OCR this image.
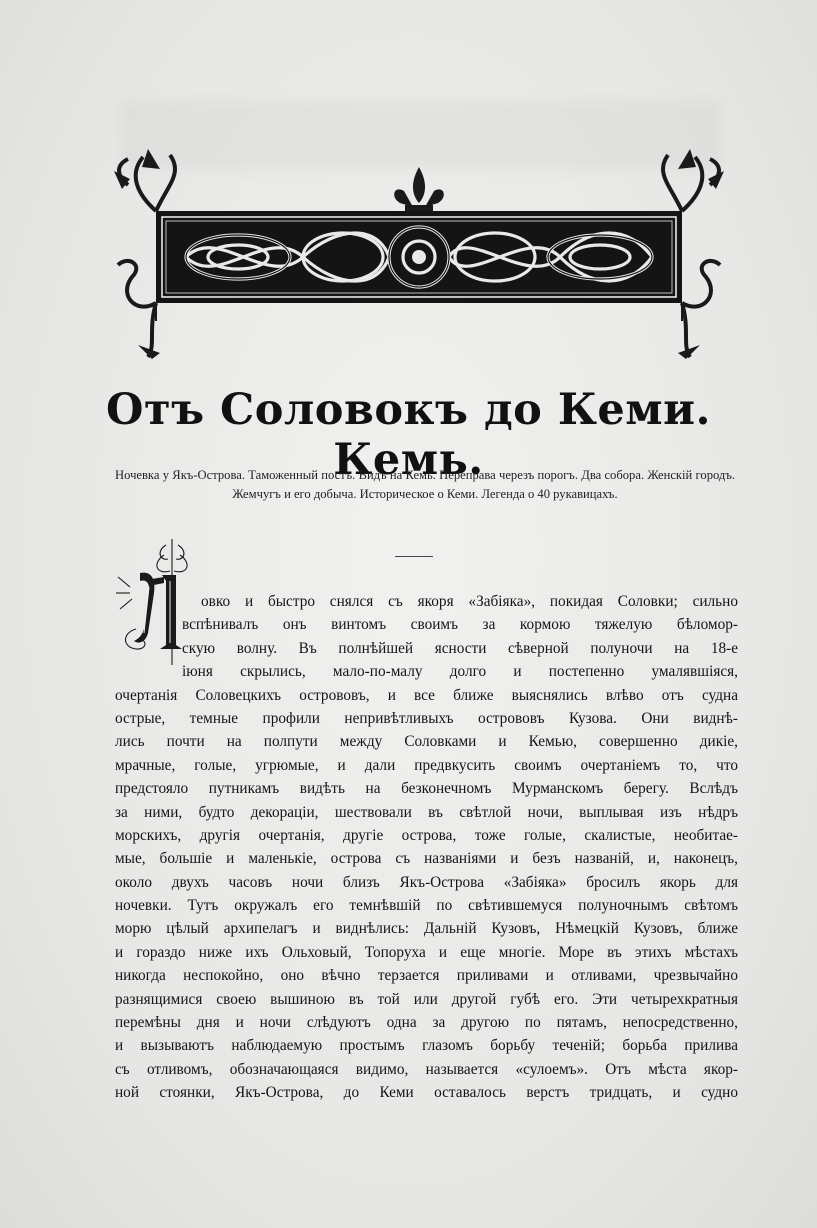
Отъ Соловокъ до Кеми. Кемь.
Ночевка у Якъ-Острова. Таможенный постъ. Видъ на Кемь. Переправа черезъ порогъ. Два собора. Женскій городъ. Жемчугъ и его добыча. Историческое о Кеми. Легенда о 40 рукавицахъ.
овко и быстро снялся съ якоря «Забіяка», покидая Соловки; сильно
вспѣнивалъ онъ винтомъ своимъ за кормою тяжелую бѣломор-
скую волну. Въ полнѣйшей ясности сѣверной полуночи на 18-е
іюня скрылись, мало-по-малу долго и постепенно умалявшіяся,
очертанія Соловецкихъ острововъ, и все ближе выяснялись влѣво отъ судна
острые, темные профили непривѣтливыхъ острововъ Кузова. Они виднѣ-
лись почти на полпути между Соловками и Кемью, совершенно дикіе,
мрачные, голые, угрюмые, и дали предвкусить своимъ очертаніемъ то, что
предстояло путникамъ видѣть на безконечномъ Мурманскомъ берегу. Вслѣдъ
за ними, будто декораціи, шествовали въ свѣтлой ночи, выплывая изъ нѣдръ
морскихъ, другія очертанія, другіе острова, тоже голые, скалистые, необитае-
мые, большіе и маленькіе, острова съ названіями и безъ названій, и, наконецъ,
около двухъ часовъ ночи близъ Якъ-Острова «Забіяка» бросилъ якорь для
ночевки. Тутъ окружалъ его темнѣвшій по свѣтившемуся полуночнымъ свѣтомъ
морю цѣлый архипелагъ и виднѣлись: Дальній Кузовъ, Нѣмецкій Кузовъ, ближе
и гораздо ниже ихъ Ольховый, Топоруха и еще многіе. Море въ этихъ мѣстахъ
никогда неспокойно, оно вѣчно терзается приливами и отливами, чрезвычайно
разнящимися своею вышиною въ той или другой губѣ его. Эти четырехкратныя
перемѣны дня и ночи слѣдуютъ одна за другою по пятамъ, непосредственно,
и вызываютъ наблюдаемую простымъ глазомъ борьбу теченій; борьба прилива
съ отливомъ, обозначающаяся видимо, называется «сулоемъ». Отъ мѣста якор-
ной стоянки, Якъ-Острова, до Кеми оставалось верстъ тридцать, и судно
